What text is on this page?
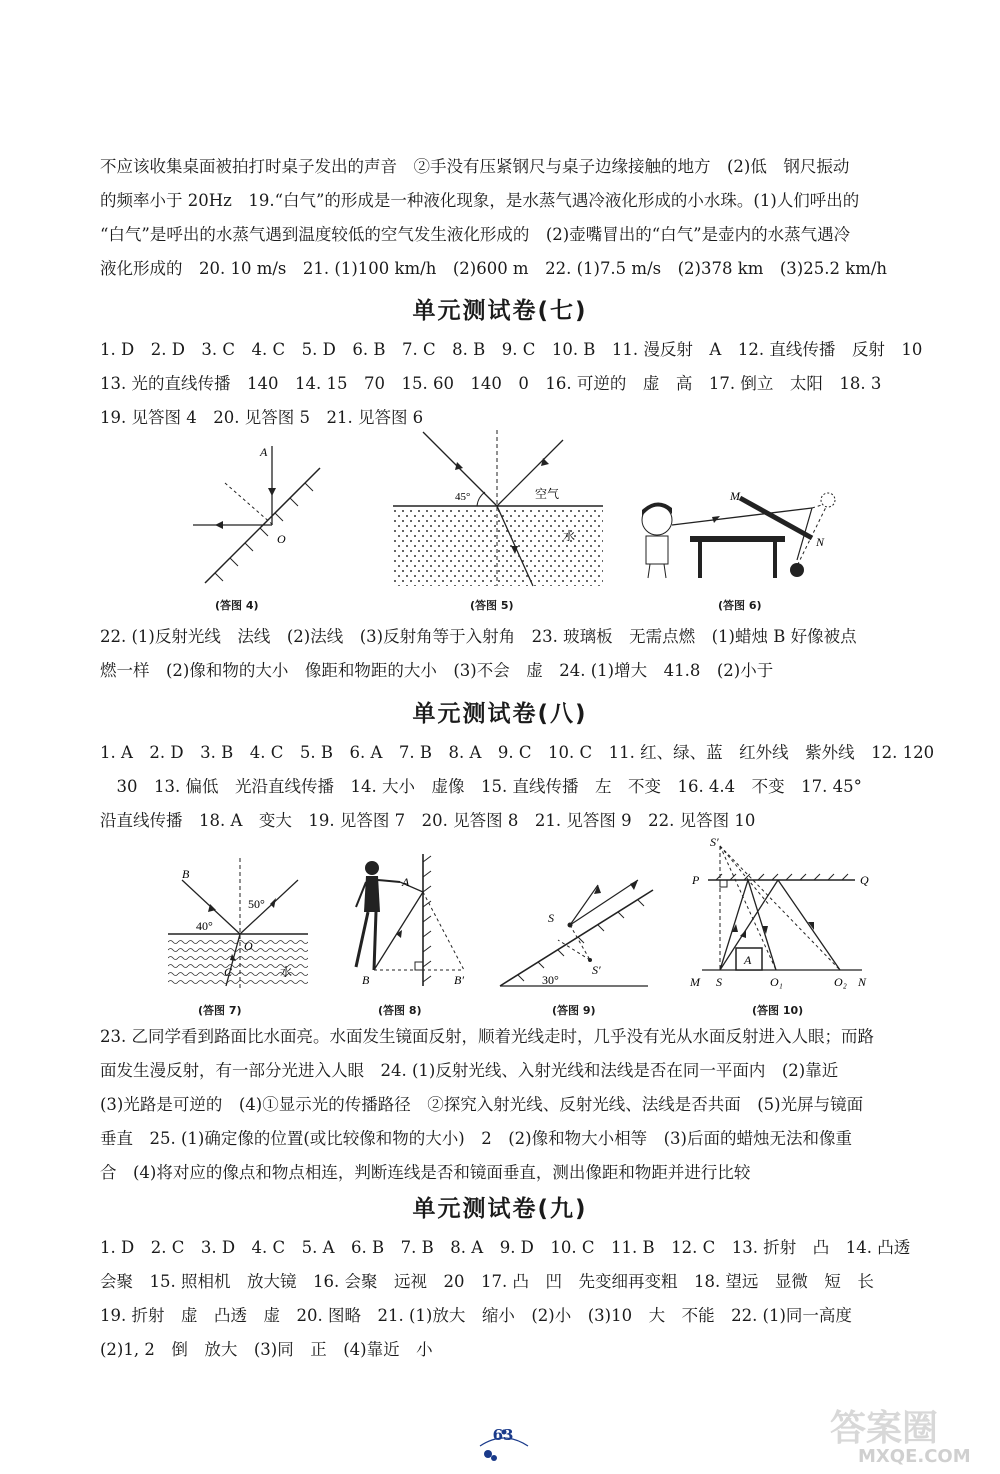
不应该收集桌面被拍打时桌子发出的声音　②手没有压紧钢尺与桌子边缘接触的地方　(2)低　钢尺振动
的频率小于 20Hz　19.“白气”的形成是一种液化现象，是水蒸气遇冷液化形成的小水珠。(1)人们呼出的
“白气”是呼出的水蒸气遇到温度较低的空气发生液化形成的　(2)壶嘴冒出的“白气”是壶内的水蒸气遇冷
液化形成的　20. 10 m/s　21. (1)100 km/h　(2)600 m　22. (1)7.5 m/s　(2)378 km　(3)25.2 km/h
单元测试卷(七)
1. D　2. D　3. C　4. C　5. D　6. B　7. C　8. B　9. C　10. B　11. 漫反射　A　12. 直线传播　反射　10
13. 光的直线传播　140　14. 15　70　15. 60　140　0　16. 可逆的　虚　高　17. 倒立　太阳　18. 3
19. 见答图 4　20. 见答图 5　21. 见答图 6
A
O
(答图 4)
45°	空气
水
(答图 5)
M
N
(答图 6)
22. (1)反射光线　法线　(2)法线　(3)反射角等于入射角　23. 玻璃板　无需点燃　(1)蜡烛 B 好像被点
燃一样　(2)像和物的大小　像距和物距的大小　(3)不会　虚　24. (1)增大　41.8　(2)小于
单元测试卷(八)
1. A　2. D　3. B　4. C　5. B　6. A　7. B　8. A　9. C　10. C　11. 红、绿、蓝　红外线　紫外线　12. 120
　30　13. 偏低　光沿直线传播　14. 大小　虚像　15. 直线传播　左　不变　16. 4.4　不变　17. 45°
沿直线传播　18. A　变大　19. 见答图 7　20. 见答图 8　21. 见答图 9　22. 见答图 10
B
50°
40°
O
C	水
(答图 7)
A
B	B′
(答图 8)
S
S′
30°
(答图 9)
S′
P	Q
A
M S	O₁	O₂ N
(答图 10)
23. 乙同学看到路面比水面亮。水面发生镜面反射，顺着光线走时，几乎没有光从水面反射进入人眼；而路
面发生漫反射，有一部分光进入人眼　24. (1)反射光线、入射光线和法线是否在同一平面内　(2)靠近
(3)光路是可逆的　(4)①显示光的传播路径　②探究入射光线、反射光线、法线是否共面　(5)光屏与镜面
垂直　25. (1)确定像的位置(或比较像和物的大小)　2　(2)像和物大小相等　(3)后面的蜡烛无法和像重
合　(4)将对应的像点和物点相连，判断连线是否和镜面垂直，测出像距和物距并进行比较
单元测试卷(九)
1. D　2. C　3. D　4. C　5. A　6. B　7. B　8. A　9. D　10. C　11. B　12. C　13. 折射　凸　14. 凸透
会聚　15. 照相机　放大镜　16. 会聚　远视　20　17. 凸　凹　先变细再变粗　18. 望远　显微　短　长
19. 折射　虚　凸透　虚　20. 图略　21. (1)放大　缩小　(2)小　(3)10　大　不能　22. (1)同一高度
(2)1, 2　倒　放大　(3)同　正　(4)靠近　小
63	答案圈
MXQE.COM
